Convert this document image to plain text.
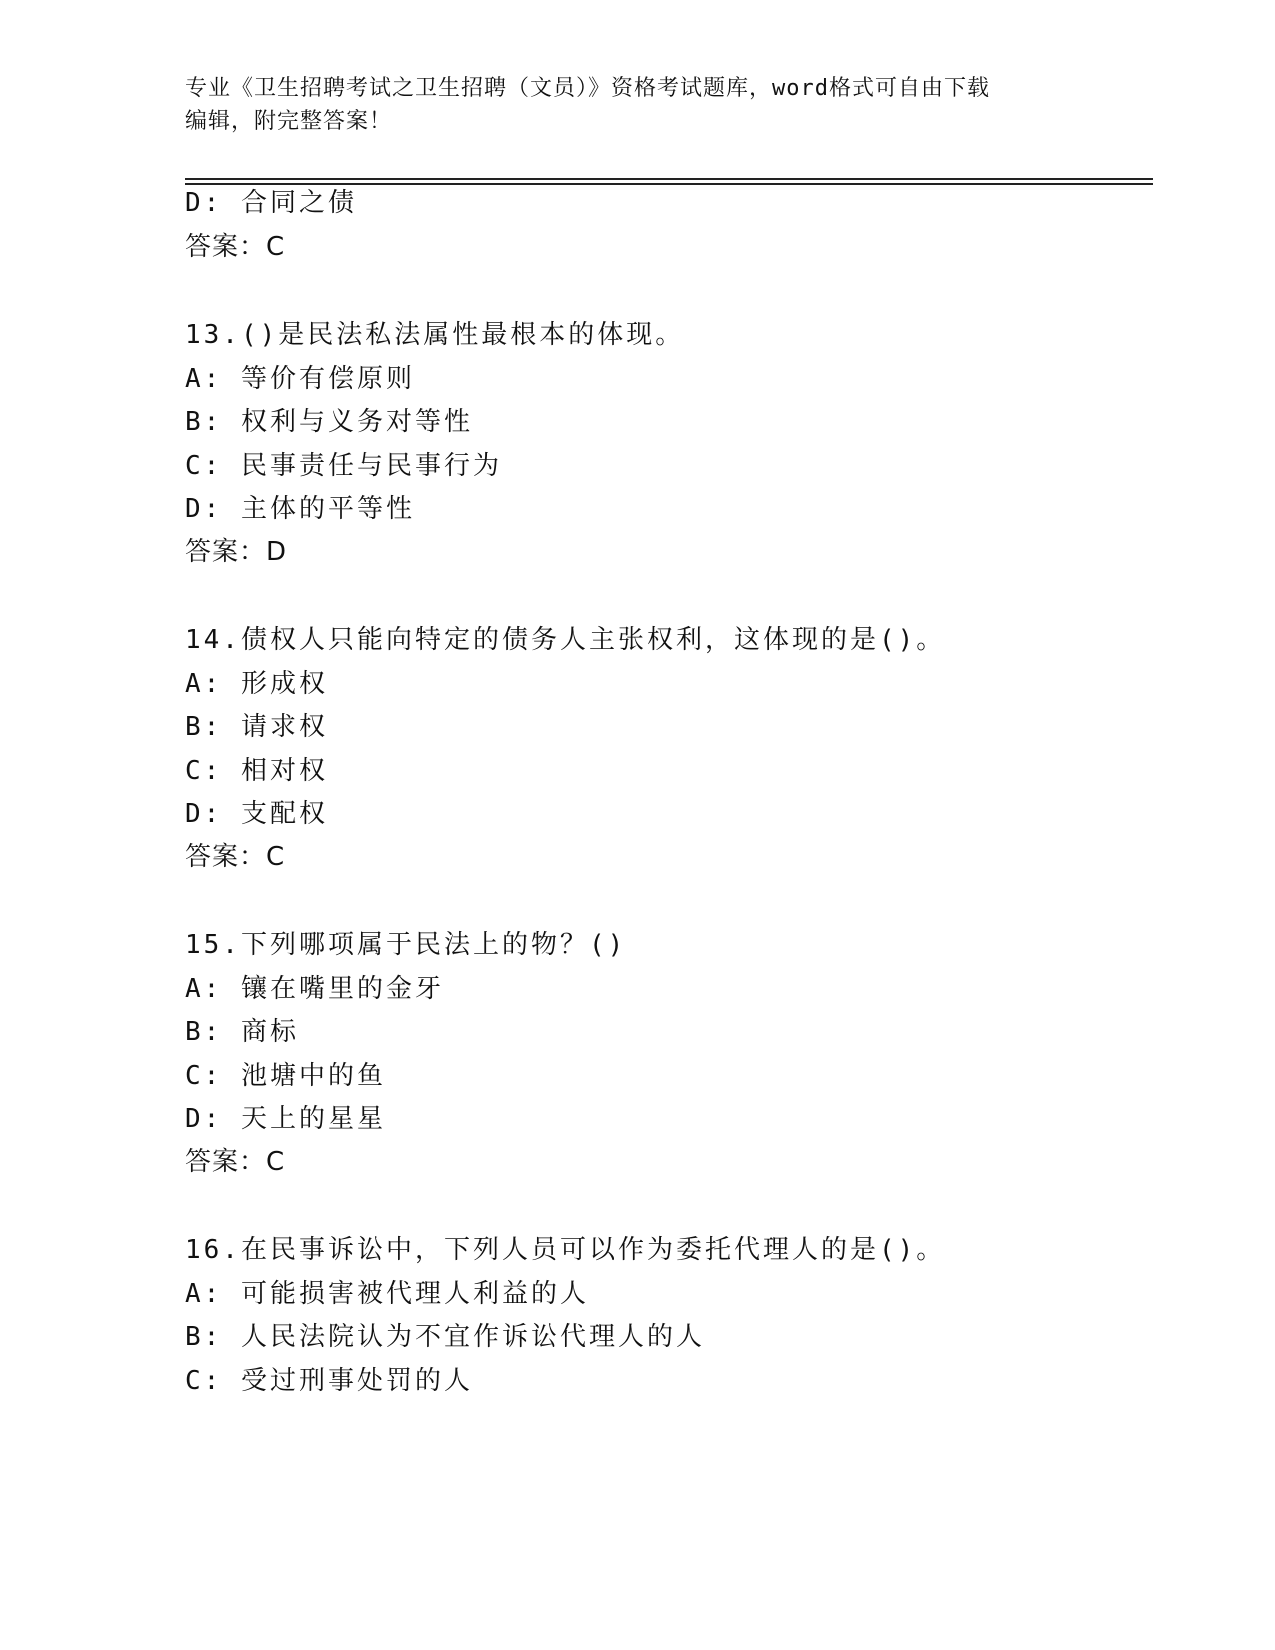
专业《卫生招聘考试之卫生招聘（文员）》资格考试题库，word格式可自由下载
编辑，附完整答案！
D: 合同之债
答案：C
13.()是民法私法属性最根本的体现。
A: 等价有偿原则
B: 权利与义务对等性
C: 民事责任与民事行为
D: 主体的平等性
答案：D
14.债权人只能向特定的债务人主张权利，这体现的是()。
A: 形成权
B: 请求权
C: 相对权
D: 支配权
答案：C
15.下列哪项属于民法上的物？()
A: 镶在嘴里的金牙
B: 商标
C: 池塘中的鱼
D: 天上的星星
答案：C
16.在民事诉讼中，下列人员可以作为委托代理人的是()。
A: 可能损害被代理人利益的人
B: 人民法院认为不宜作诉讼代理人的人
C: 受过刑事处罚的人
